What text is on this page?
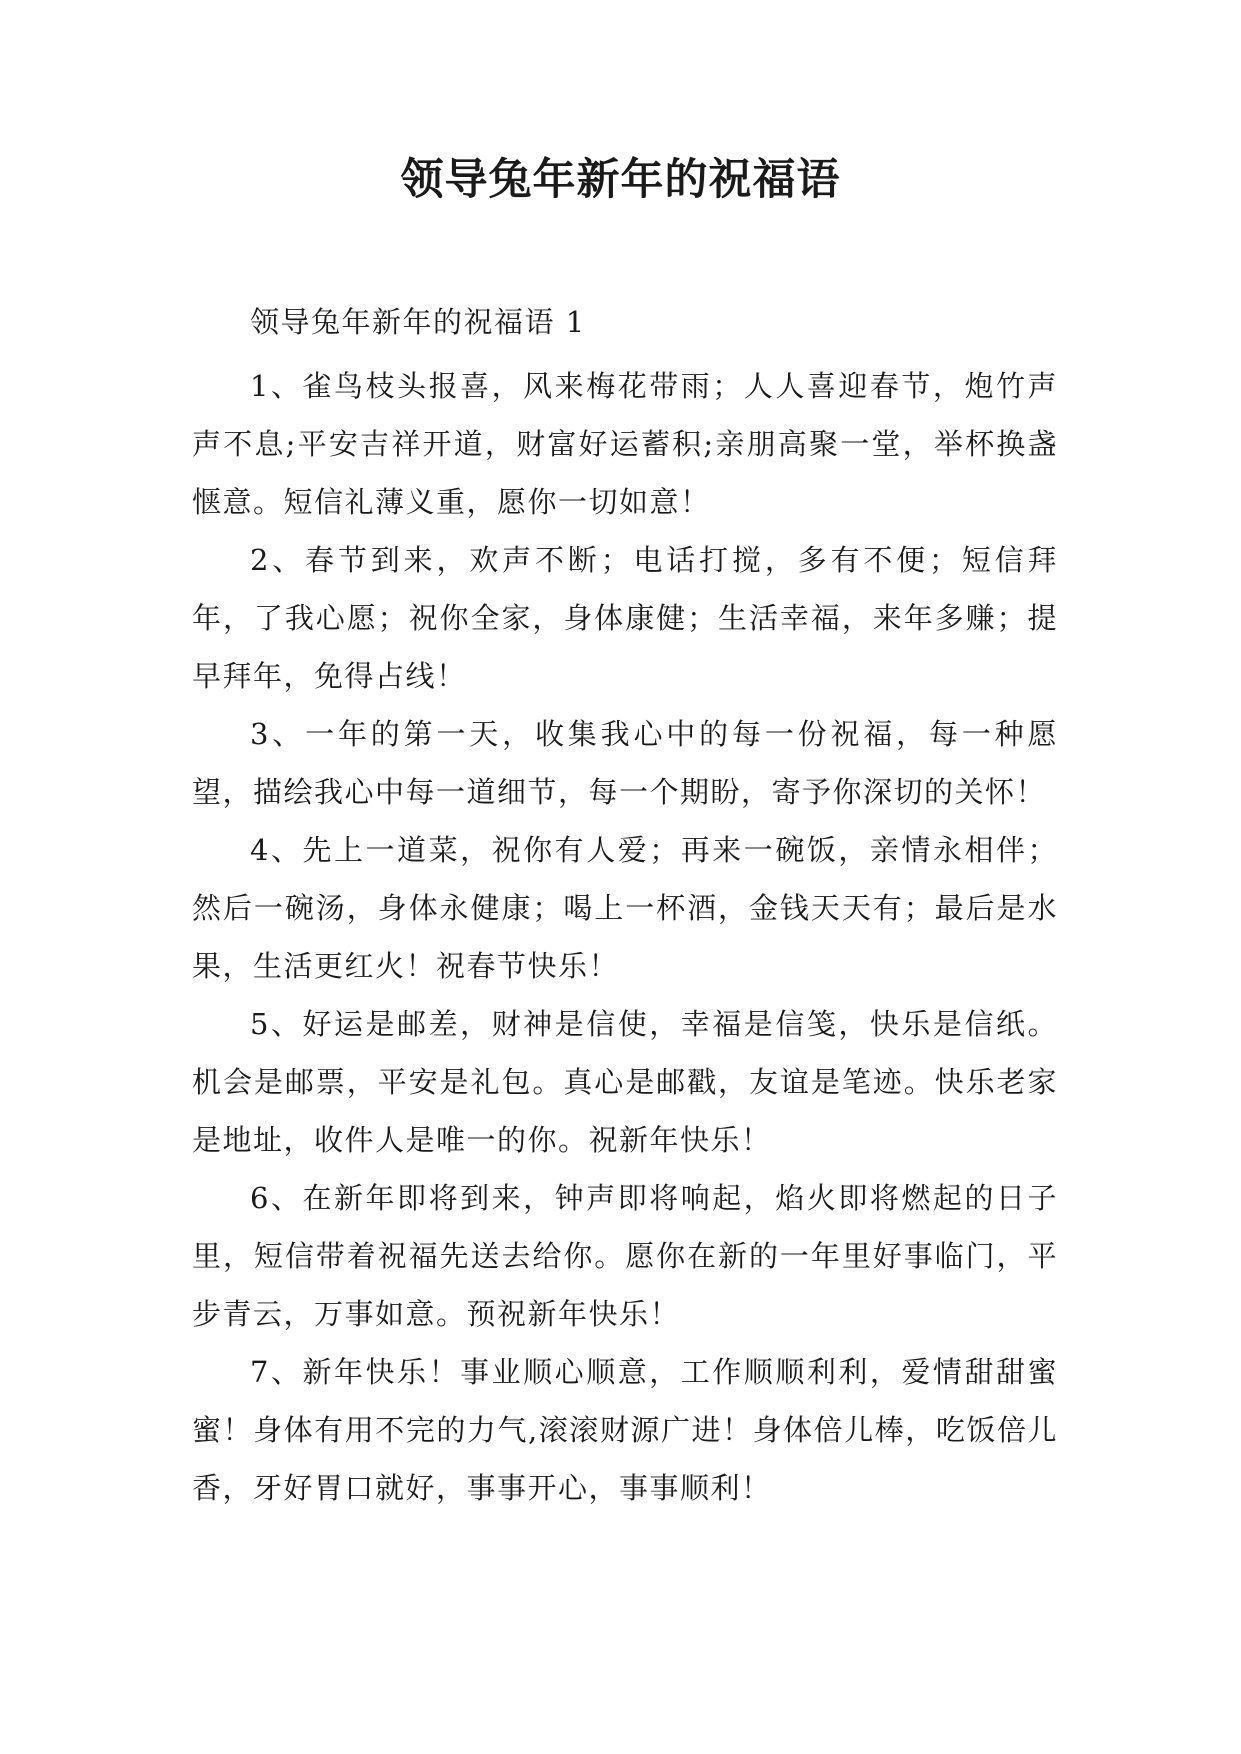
领导兔年新年的祝福语
领导兔年新年的祝福语 1

1、雀鸟枝头报喜，风来梅花带雨；人人喜迎春节，炮竹声声不息;平安吉祥开道，财富好运蓄积;亲朋高聚一堂，举杯换盏惬意。短信礼薄义重，愿你一切如意！

2、春节到来，欢声不断；电话打搅，多有不便；短信拜年，了我心愿；祝你全家，身体康健；生活幸福，来年多赚；提早拜年，免得占线！

3、一年的第一天，收集我心中的每一份祝福，每一种愿望，描绘我心中每一道细节，每一个期盼，寄予你深切的关怀！

4、先上一道菜，祝你有人爱；再来一碗饭，亲情永相伴；然后一碗汤，身体永健康；喝上一杯酒，金钱天天有；最后是水果，生活更红火！祝春节快乐！

5、好运是邮差，财神是信使，幸福是信笺，快乐是信纸。机会是邮票，平安是礼包。真心是邮戳，友谊是笔迹。快乐老家是地址，收件人是唯一的你。祝新年快乐！

6、在新年即将到来，钟声即将响起，焰火即将燃起的日子里，短信带着祝福先送去给你。愿你在新的一年里好事临门，平步青云，万事如意。预祝新年快乐！

7、新年快乐！事业顺心顺意，工作顺顺利利，爱情甜甜蜜蜜！身体有用不完的力气,滚滚财源广进！身体倍儿棒，吃饭倍儿香，牙好胃口就好，事事开心，事事顺利！
